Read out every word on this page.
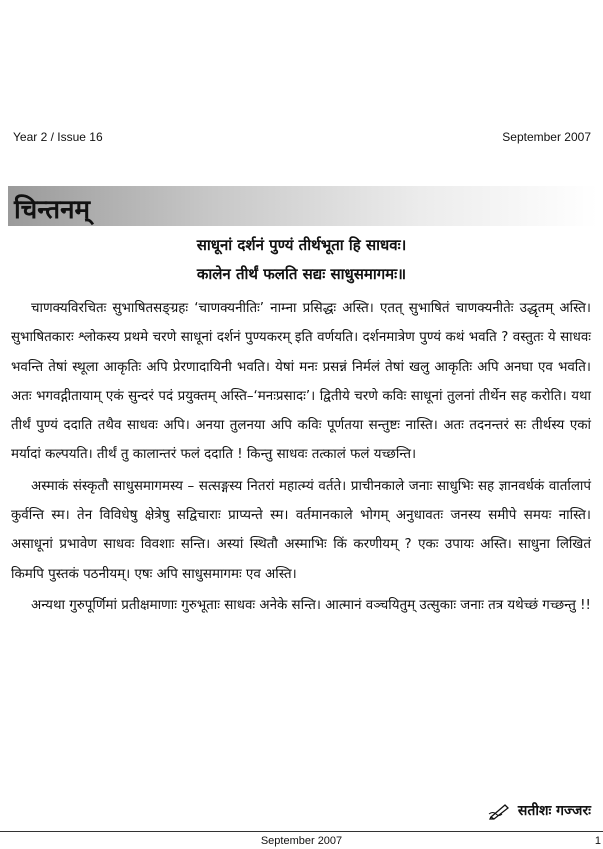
Year 2 / Issue 16	September 2007
चिन्तनम्
साधूनां दर्शनं पुण्यं तीर्थभूता हि साधवः।
कालेन तीर्थं फलति सद्यः साधुसमागमः॥

चाणक्यविरचितः सुभाषितसङ्ग्रहः ‘चाणक्यनीतिः’ नाम्ना प्रसिद्धः अस्ति। एतत् सुभाषितं चाणक्यनीतेः उद्धृतम् अस्ति। सुभाषितकारः श्लोकस्य प्रथमे चरणे साधूनां दर्शनं पुण्यकरम् इति वर्णयति। दर्शनमात्रेण पुण्यं कथं भवति ? वस्तुतः ये साधवः भवन्ति तेषां स्थूला आकृतिः अपि प्रेरणादायिनी भवति। येषां मनः प्रसन्नं निर्मलं तेषां खलु आकृतिः अपि अनघा एव भवति। अतः भगवद्गीतायाम् एकं सुन्दरं पदं प्रयुक्तम् अस्ति–‘मनःप्रसादः’। द्वितीये चरणे कविः साधूनां तुलनां तीर्थेन सह करोति। यथा तीर्थं पुण्यं ददाति तथैव साधवः अपि। अनया तुलनया अपि कविः पूर्णतया सन्तुष्टः नास्ति। अतः तदनन्तरं सः तीर्थस्य एकां मर्यादां कल्पयति। तीर्थं तु कालान्तरं फलं ददाति ! किन्तु साधवः तत्कालं फलं यच्छन्ति।

अस्माकं संस्कृतौ साधुसमागमस्य – सत्सङ्गस्य नितरां महात्म्यं वर्तते। प्राचीनकाले जनाः साधुभिः सह ज्ञानवर्धकं वार्तालापं कुर्वन्ति स्म। तेन विविधेषु क्षेत्रेषु सद्विचाराः प्राप्यन्ते स्म। वर्तमानकाले भोगम् अनुधावतः जनस्य समीपे समयः नास्ति। असाधूनां प्रभावेण साधवः विवशाः सन्ति। अस्यां स्थितौ अस्माभिः किं करणीयम् ? एकः उपायः अस्ति। साधुना लिखितं किमपि पुस्तकं पठनीयम्। एषः अपि साधुसमागमः एव अस्ति।

अन्यथा गुरुपूर्णिमां प्रतीक्षमाणाः गुरुभूताः साधवः अनेके सन्ति। आत्मानं वञ्चयितुम् उत्सुकाः जनाः तत्र यथेच्छं गच्छन्तु !!

सतीशः गज्जरः
September 2007	1
